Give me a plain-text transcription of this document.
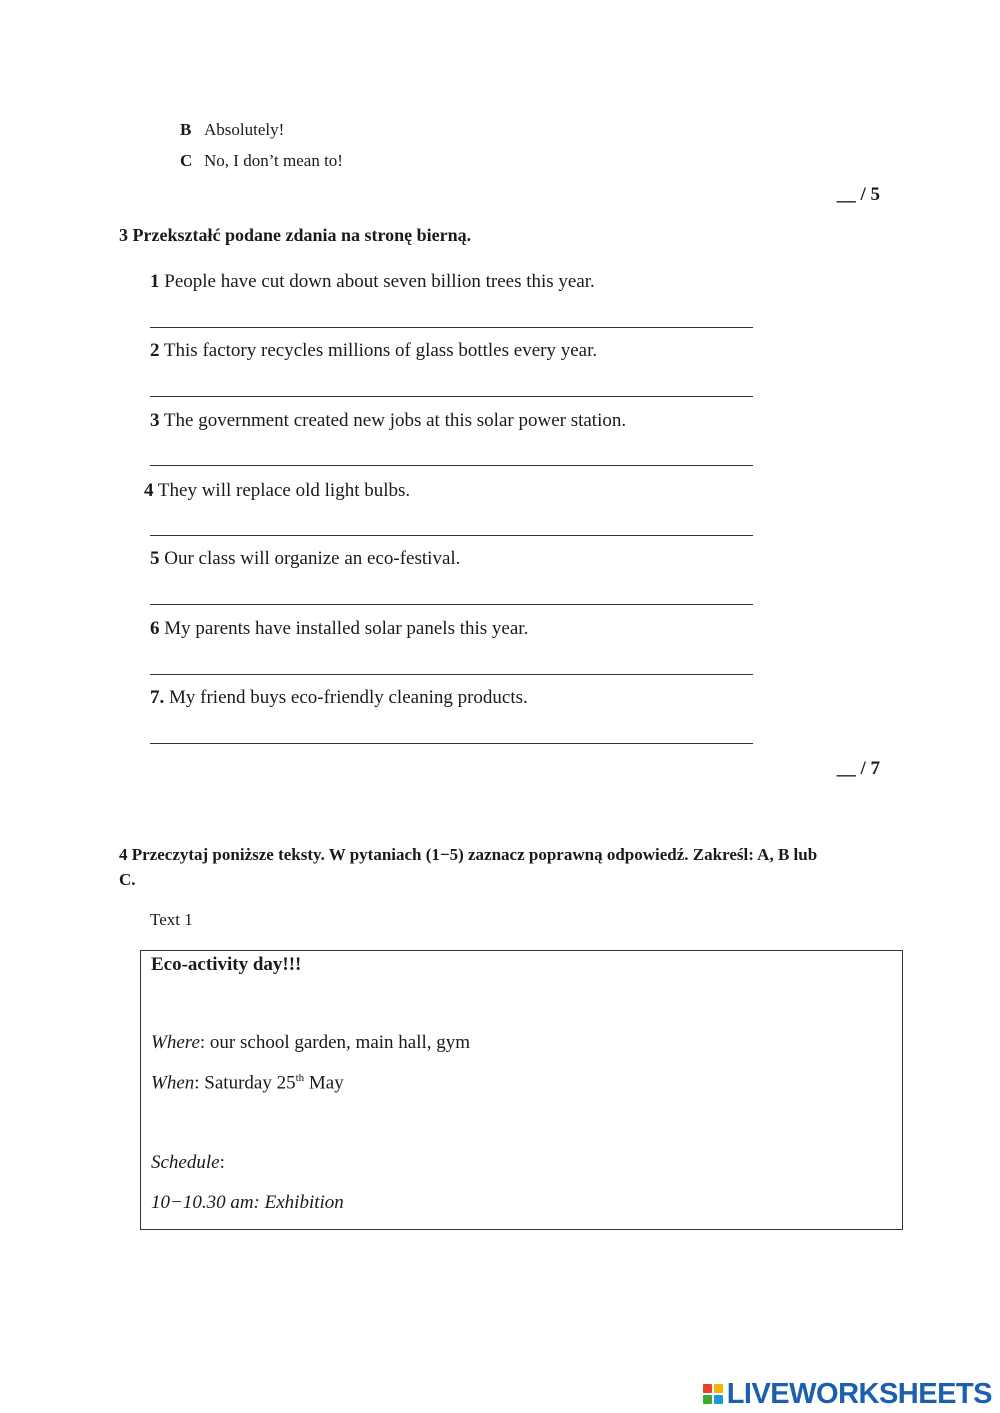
B Absolutely!
C No, I don’t mean to!
__ / 5
3 Przekształć podane zdania na stronę bierną.
1 People have cut down about seven billion trees this year.
2 This factory recycles millions of glass bottles every year.
3 The government created new jobs at this solar power station.
4 They will replace old light bulbs.
5 Our class will organize an eco-festival.
6 My parents have installed solar panels this year.
7. My friend buys eco-friendly cleaning products.
__ / 7
4 Przeczytaj poniższe teksty. W pytaniach (1−5) zaznacz poprawną odpowiedź. Zakreśl: A, B lub
C.
Text 1
Eco-activity day!!!
Where: our school garden, main hall, gym
When: Saturday 25th May
Schedule:
10−10.30 am: Exhibition
LIVEWORKSHEETS
